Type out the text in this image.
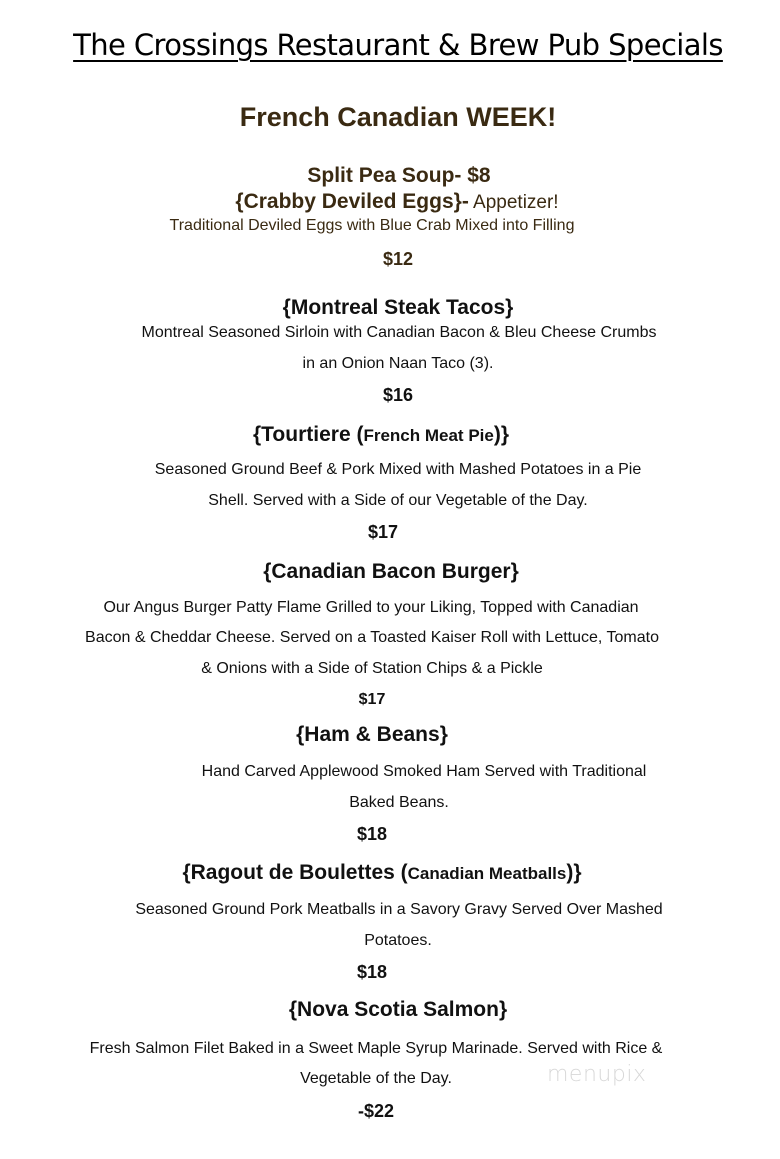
The Crossings Restaurant & Brew Pub Specials
French Canadian WEEK!
Split Pea Soup- $8
{Crabby Deviled Eggs}- Appetizer!
Traditional Deviled Eggs with Blue Crab Mixed into Filling
$12
{Montreal Steak Tacos}
Montreal Seasoned Sirloin with Canadian Bacon & Bleu Cheese Crumbs
in an Onion Naan Taco (3).
$16
{Tourtiere (French Meat Pie)}
Seasoned Ground Beef & Pork Mixed with Mashed Potatoes in a Pie
Shell. Served with a Side of our Vegetable of the Day.
$17
{Canadian Bacon Burger}
Our Angus Burger Patty Flame Grilled to your Liking, Topped with Canadian
Bacon & Cheddar Cheese. Served on a Toasted Kaiser Roll with Lettuce, Tomato
& Onions with a Side of Station Chips & a Pickle
$17
{Ham & Beans}
Hand Carved Applewood Smoked Ham Served with Traditional
Baked Beans.
$18
{Ragout de Boulettes (Canadian Meatballs)}
Seasoned Ground Pork Meatballs in a Savory Gravy Served Over Mashed
Potatoes.
$18
{Nova Scotia Salmon}
Fresh Salmon Filet Baked in a Sweet Maple Syrup Marinade. Served with Rice &
Vegetable of the Day.
-$22
menupix
